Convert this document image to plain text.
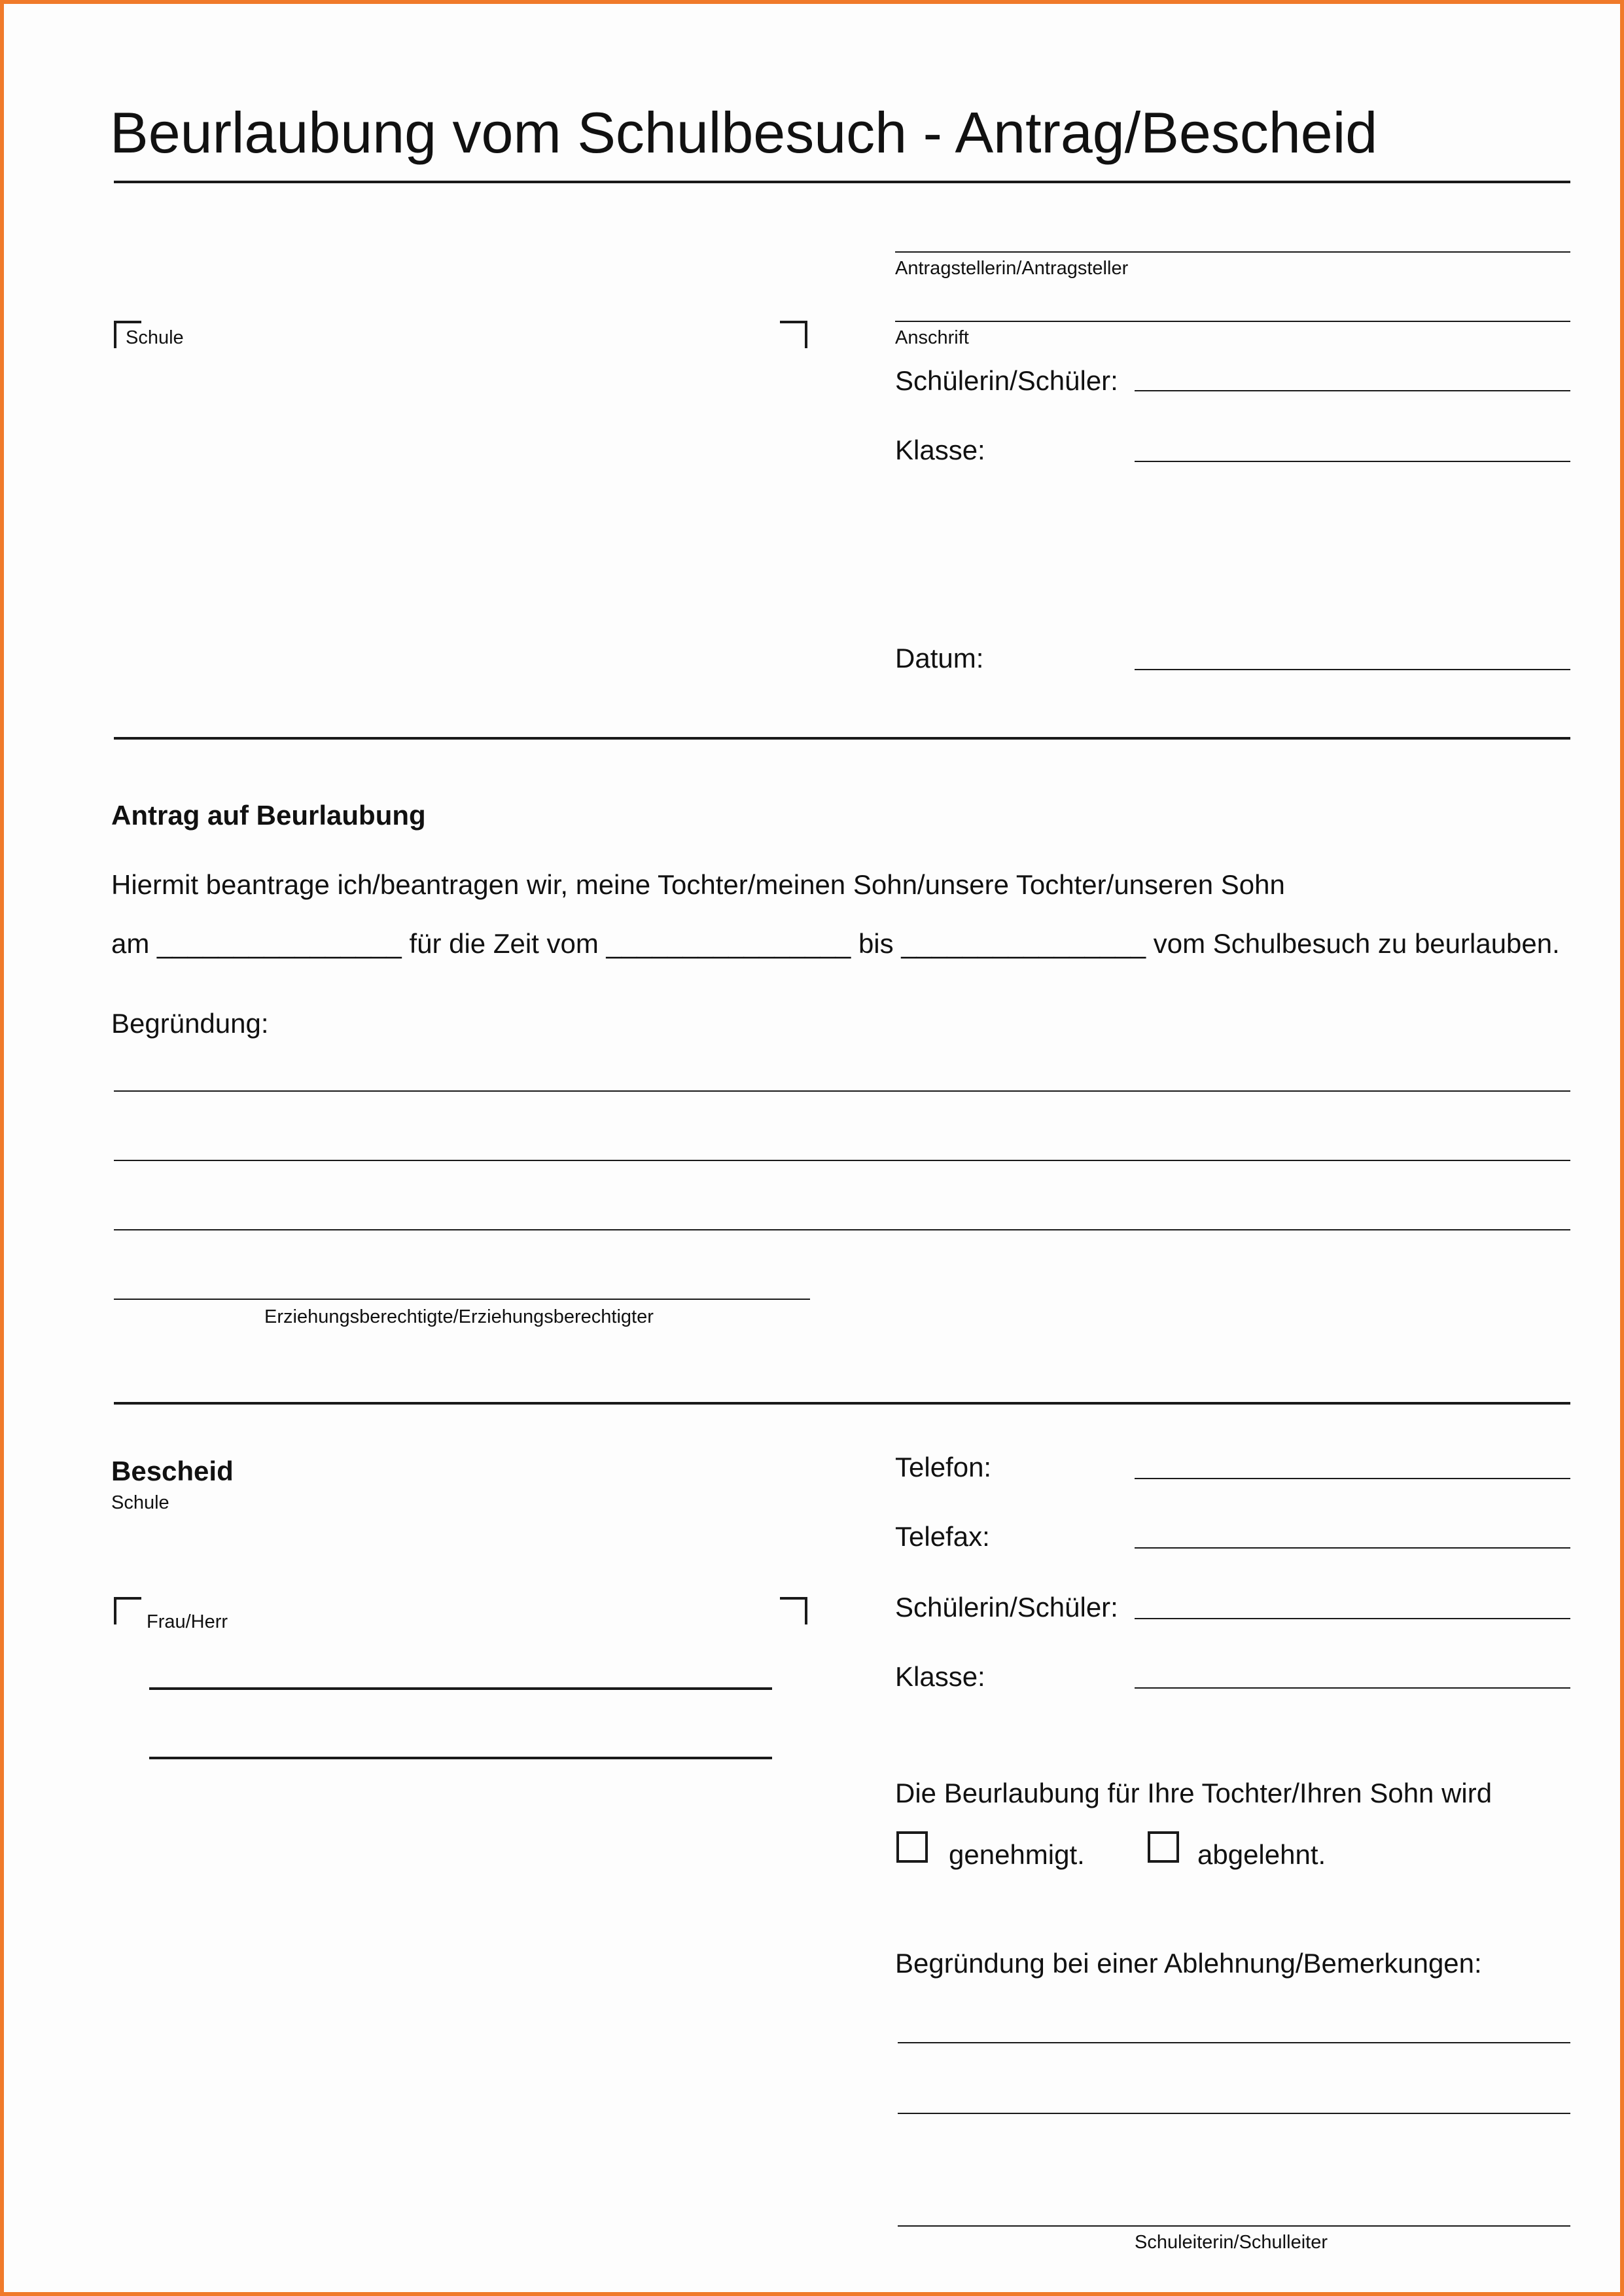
Beurlaubung vom Schulbesuch - Antrag/Bescheid
Antragstellerin/Antragsteller
Anschrift
Schule
Schülerin/Schüler:
Klasse:
Datum:
Antrag auf Beurlaubung
Hiermit beantrage ich/beantragen wir, meine Tochter/meinen Sohn/unsere Tochter/unseren Sohn
am ________________ für die Zeit vom ________________ bis ________________ vom Schulbesuch zu beurlauben.
Begründung:
Erziehungsberechtigte/Erziehungsberechtigter
Bescheid
Schule
Frau/Herr
Telefon:
Telefax:
Schülerin/Schüler:
Klasse:
Die Beurlaubung für Ihre Tochter/Ihren Sohn wird
genehmigt.	abgelehnt.
Begründung bei einer Ablehnung/Bemerkungen:
Schuleiterin/Schulleiter
